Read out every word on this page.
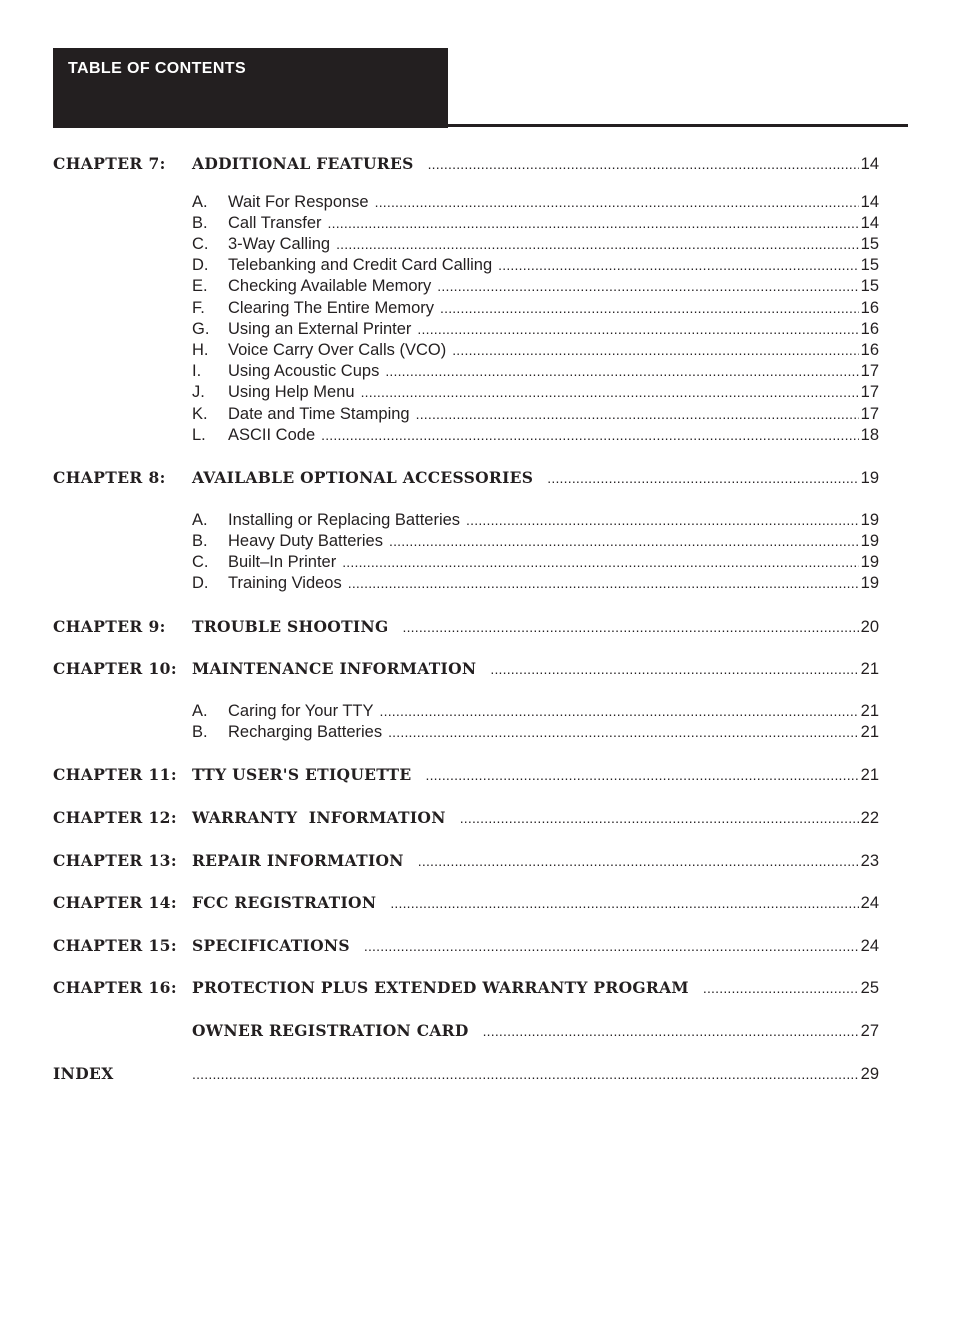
TABLE OF CONTENTS
CHAPTER 7:	ADDITIONAL FEATURES .....	14
A.	Wait For Response .....	14
B.	Call Transfer .....	14
C.	3-Way Calling .....	15
D.	Telebanking and Credit Card Calling .....	15
E.	Checking Available Memory .....	15
F.	Clearing The Entire Memory .....	16
G.	Using an External Printer .....	16
H.	Voice Carry Over Calls (VCO) .....	16
I.	Using Acoustic Cups .....	17
J.	Using Help Menu .....	17
K.	Date and Time Stamping .....	17
L.	ASCII Code .....	18
CHAPTER 8:	AVAILABLE OPTIONAL ACCESSORIES .....	19
A.	Installing or Replacing Batteries .....	19
B.	Heavy Duty Batteries .....	19
C.	Built–In Printer .....	19
D.	Training Videos .....	19
CHAPTER 9:	TROUBLE SHOOTING .....	20
CHAPTER 10: MAINTENANCE INFORMATION .....	21
A.	Caring for Your TTY .....	21
B.	Recharging Batteries .....	21
CHAPTER 11: TTY USER'S ETIQUETTE .....	21
CHAPTER 12: WARRANTY  INFORMATION .....	22
CHAPTER 13: REPAIR INFORMATION .....	23
CHAPTER 14: FCC REGISTRATION .....	24
CHAPTER 15: SPECIFICATIONS .....	24
CHAPTER 16: PROTECTION PLUS EXTENDED WARRANTY PROGRAM .....	25
OWNER REGISTRATION CARD .....	27
INDEX .....	29
